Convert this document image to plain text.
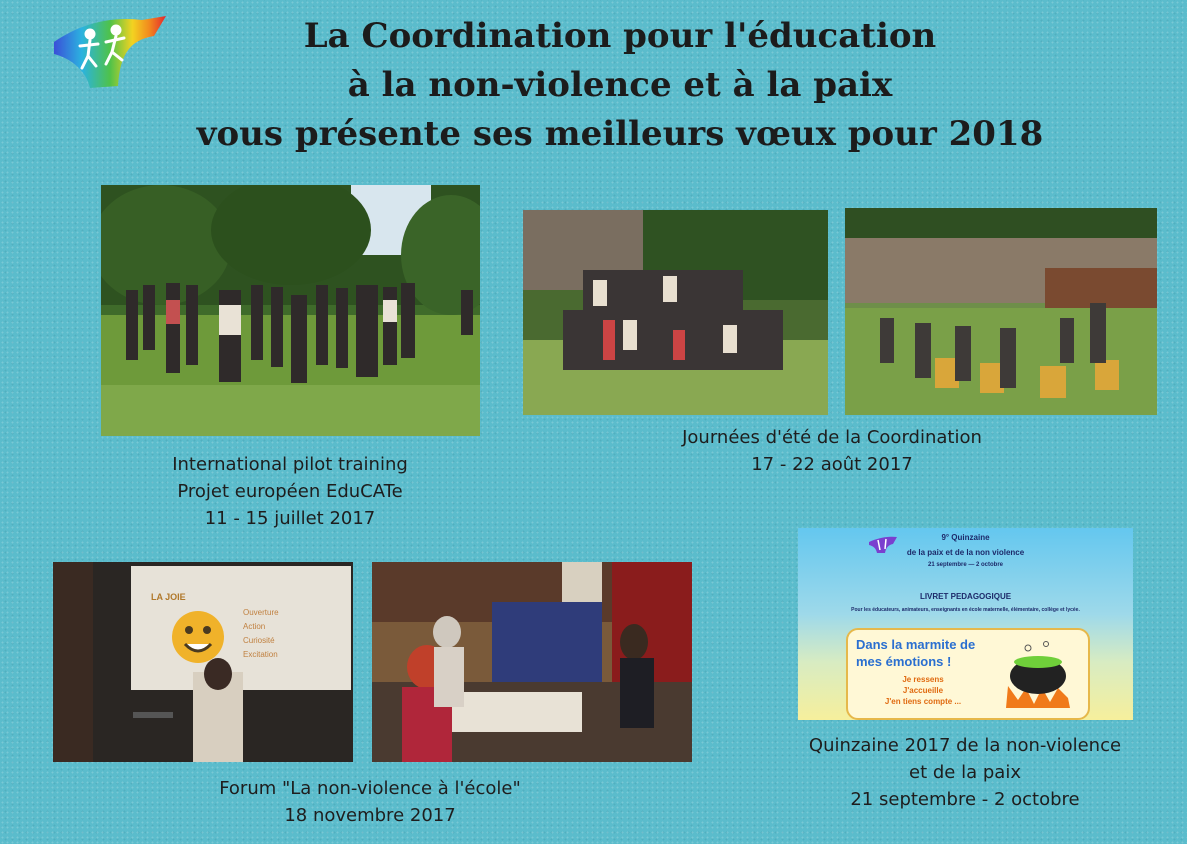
La Coordination pour l'éducation
à la non-violence et à la paix
vous présente ses meilleurs vœux pour 2018
International pilot training
Projet européen EduCATe
11 - 15 juillet 2017
Journées d'été de la Coordination
17 - 22 août 2017
9° Quinzaine
de la paix et de la non violence
21 septembre — 2 octobre
LIVRET PEDAGOGIQUE
Pour les éducateurs, animateurs, enseignants en école maternelle, élémentaire, collège et lycée.
Dans la marmite de
mes émotions !
Je ressens
J'accueille
J'en tiens compte ...
LA JOIE
Ouverture
Action
Curiosité
Excitation
Forum "La non-violence à l'école"
18 novembre 2017
Quinzaine 2017 de la non-violence
et de la paix
21 septembre - 2 octobre
